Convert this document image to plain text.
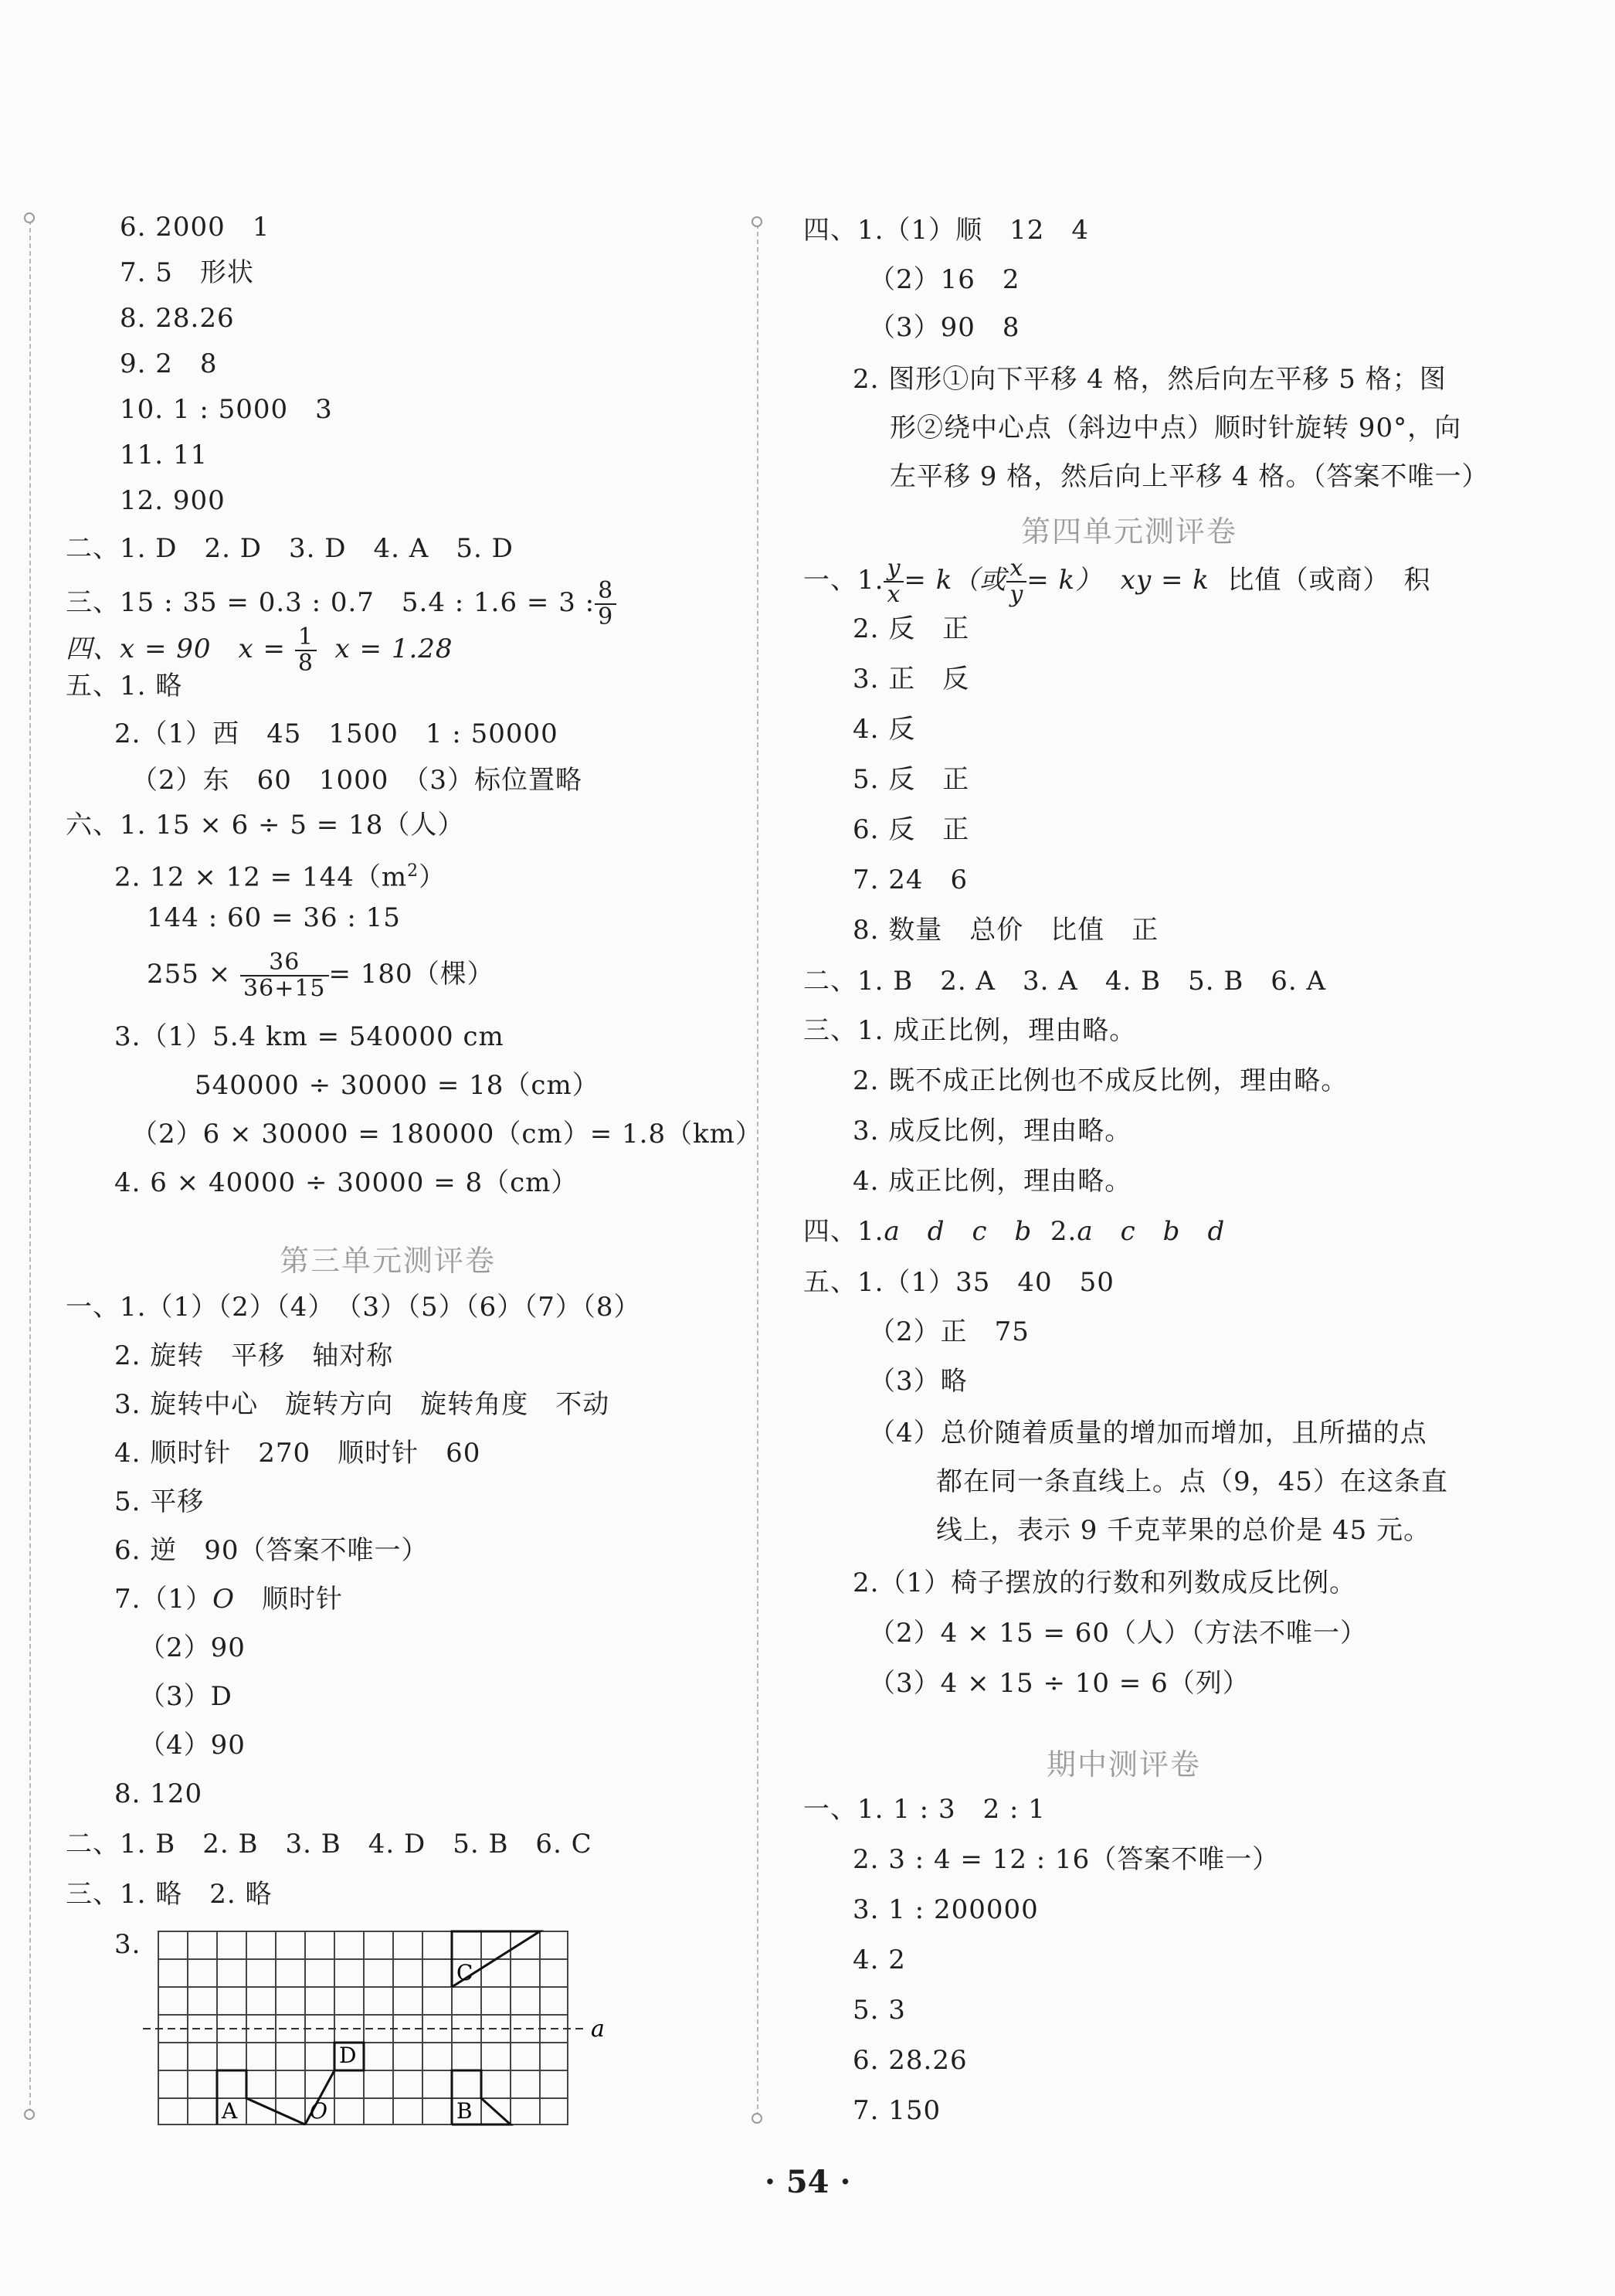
6. 2000　1
7. 5　形状
8. 28.26
9. 2　8
10. 1 : 5000　3
11. 11
12. 900
二、1. D　2. D　3. D　4. A　5. D
三、15 : 35 = 0.3 : 0.7　5.4 : 1.6 = 3 : $\frac{8}{9}$
四、x = 90　$x = \frac{1}{8}$ x = 1.28
五、1. 略
2.（1）西　45　1500　1 : 50000
（2）东　60　1000　（3）标位置略
六、1. 15 × 6 ÷ 5 = 18（人）
2. $12 \times 12 = 144(m^2)$
144 : 60 = 36 : 15
$255 \times \frac{36}{36+15} = 180$（棵）
3.（1）5.4 km = 540000 cm
540000 ÷ 30000 = 18（cm）
（2）6 × 30000 = 180000（cm）= 1.8（km）
4. 6 × 40000 ÷ 30000 = 8（cm）
第三单元测评卷
一、1.（1）（2）（4）　（3）（5）（6）（7）（8）
2. 旋转　平移　轴对称
3. 旋转中心　旋转方向　旋转角度　不动
4. 顺时针　270　顺时针　60
5. 平移
6. 逆　90（答案不唯一）
7.（1）O　顺时针
（2）90
（3）D
（4）90
8. 120
二、1. B　2. B　3. B　4. D　5. B　6. C
三、1. 略　2. 略
3.
C
D
A	O	B
a
四、1.（1）顺　12　4
（2）16　2
（3）90　8
2. 图形①向下平移 4 格，然后向左平移 5 格；图
形②绕中心点（斜边中点）顺时针旋转 90°，向
左平移 9 格，然后向上平移 4 格。（答案不唯一）
第四单元测评卷
一、1. $\frac{y}{x} = k$（或 $\frac{x}{y} = k$） xy = k 比值（或商）　积
2. 反　正
3. 正　反
4. 反
5. 反　正
6. 反　正
7. 24　6
8. 数量　总价　比值　正
二、1. B　2. A　3. A　4. B　5. B　6. A
三、1. 成正比例，理由略。
2. 既不成正比例也不成反比例，理由略。
3. 成反比例，理由略。
4. 成正比例，理由略。
四、1.a　d　c　b 2.a　c　b　d
五、1.（1）35　40　50
（2）正　75
（3）略
（4）总价随着质量的增加而增加，且所描的点
都在同一条直线上。点（9，45）在这条直
线上，表示 9 千克苹果的总价是 45 元。
2.（1）椅子摆放的行数和列数成反比例。
（2）4 × 15 = 60（人）（方法不唯一）
（3）4 × 15 ÷ 10 = 6（列）
期中测评卷
一、1. 1 : 3　2 : 1
2. 3 : 4 = 12 : 16（答案不唯一）
3. 1 : 200000
4. 2
5. 3
6. 28.26
7. 150
· 54 ·
